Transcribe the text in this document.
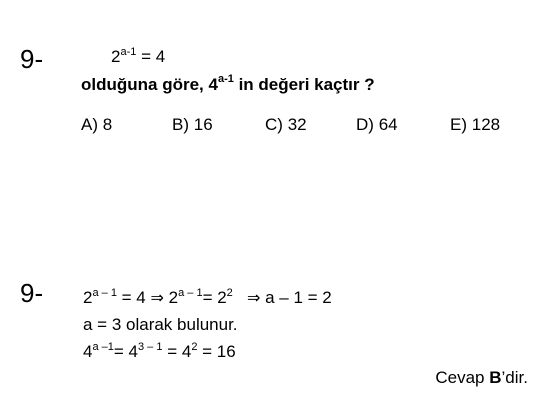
9-	$2^{a-1} = 4$
olduğuna göre, 4$^{a-1}$ in değeri kaçtır ?
A) 8	B) 16	C) 32	D) 64	E) 128
9- $2^{a - 1} = 4$ ⇒ $2^{a - 1}= 2^2$ ⇒ a – 1 = 2
a = 3 olarak bulunur.
$4^{a -1}= 4^{3 - 1} = 4^2 = 16$
Cevap B’dir.
